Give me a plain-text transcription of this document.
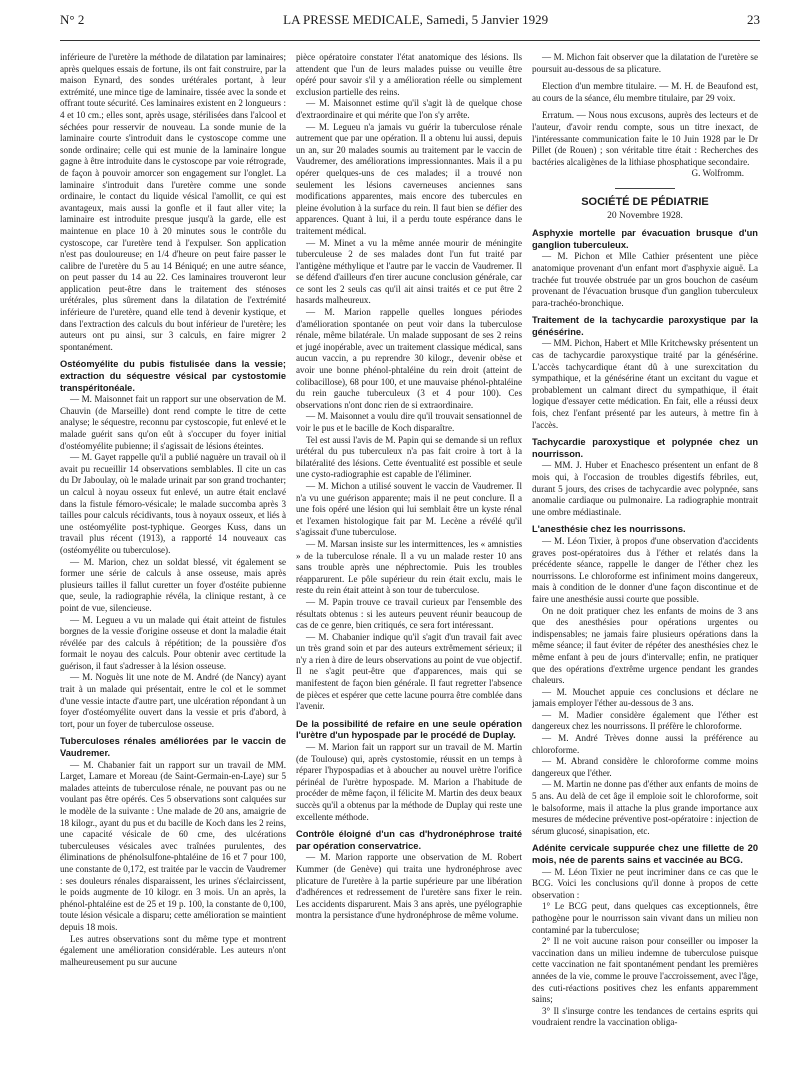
N° 2	LA PRESSE MEDICALE, Samedi, 5 Janvier 1929	23

inférieure de l'uretère la méthode de dilatation par laminaires; après quelques essais de fortune, ils ont fait construire, par la maison Eynard, des sondes urétérales portant, à leur extrémité, une mince tige de laminaire, tissée avec la sonde et offrant toute sécurité. Ces laminaires existent en 2 longueurs : 4 et 10 cm.; elles sont, après usage, stérilisées dans l'alcool et séchées pour resservir de nouveau. La sonde munie de la laminaire courte s'introduit dans le cystoscope comme une sonde ordinaire; celle qui est munie de la laminaire longue gagne à être introduite dans le cystoscope par voie rétrograde, de façon à pouvoir amorcer son engagement sur l'onglet. La laminaire s'introduit dans l'uretère comme une sonde ordinaire, le contact du liquide vésical l'amollit, ce qui est avantageux, mais aussi la gonfle et il faut aller vite; la laminaire est introduite presque jusqu'à la garde, elle est maintenue en place 10 à 20 minutes sous le contrôle du cystoscope, car l'uretère tend à l'expulser. Son application n'est pas douloureuse; en 1/4 d'heure on peut faire passer le calibre de l'uretère du 5 au 14 Béniqué; en une autre séance, on peut passer du 14 au 22. Ces laminaires trouveront leur application peut-être dans le traitement des sténoses urétérales, plus sûrement dans la dilatation de l'extrémité inférieure de l'uretère, quand elle tend à devenir kystique, et dans l'extraction des calculs du bout inférieur de l'uretère; les auteurs ont pu ainsi, sur 3 calculs, en faire migrer 2 spontanément.

Ostéomyélite du pubis fistulisée dans la vessie; extraction du séquestre vésical par cystostomie transpéritonéale.

— M. Maisonnet fait un rapport sur une observation de M. Chauvin (de Marseille) dont rend compte le titre de cette analyse; le séquestre, reconnu par cystoscopie, fut enlevé et le malade guérit sans qu'on eût à s'occuper du foyer initial d'ostéomyélite pubienne; il s'agissait de lésions éteintes.

— M. Gayet rappelle qu'il a publié naguère un travail où il avait pu recueillir 14 observations semblables. Il cite un cas du Dr Jaboulay, où le malade urinait par son grand trochanter; un calcul à noyau osseux fut enlevé, un autre était enclavé dans la fistule fémoro-vésicale; le malade succomba après 3 tailles pour calculs récidivants, tous à noyaux osseux, et liés à une ostéomyélite post-typhique. Georges Kuss, dans un travail plus récent (1913), a rapporté 14 nouveaux cas (ostéomyélite ou tuberculose).

— M. Marion, chez un soldat blessé, vit également se former une série de calculs à anse osseuse, mais après plusieurs tailles il fallut curetter un foyer d'ostéite pubienne que, seule, la radiographie révéla, la clinique restant, à ce point de vue, silencieuse.

— M. Legueu a vu un malade qui était atteint de fistules borgnes de la vessie d'origine osseuse et dont la maladie était révélée par des calculs à répétition; de la poussière d'os formait le noyau des calculs. Pour obtenir avec certitude la guérison, il faut s'adresser à la lésion osseuse.

— M. Noguès lit une note de M. André (de Nancy) ayant trait à un malade qui présentait, entre le col et le sommet d'une vessie intacte d'autre part, une ulcération répondant à un foyer d'ostéomyélite ouvert dans la vessie et pris d'abord, à tort, pour un foyer de tuberculose osseuse.

Tuberculoses rénales améliorées par le vaccin de Vaudremer.

— M. Chabanier fait un rapport sur un travail de MM. Larget, Lamare et Moreau (de Saint-Germain-en-Laye) sur 5 malades atteints de tuberculose rénale, ne pouvant pas ou ne voulant pas être opérés. Ces 5 observations sont calquées sur le modèle de la suivante : Une malade de 20 ans, amaigrie de 18 kilogr., ayant du pus et du bacille de Koch dans les 2 reins, une capacité vésicale de 60 cme, des ulcérations tuberculeuses vésicales avec traînées purulentes, des éliminations de phénolsulfone-phtaléine de 16 et 7 pour 100, une constante de 0,172, est traitée par le vaccin de Vaudremer : ses douleurs rénales disparaissent, les urines s'éclaircissent, le poids augmente de 10 kilogr. en 3 mois. Un an après, la phénol-phtaléine est de 25 et 19 p. 100, la constante de 0,100, toute lésion vésicale a disparu; cette amélioration se maintient depuis 18 mois.

Les autres observations sont du même type et montrent également une amélioration considérable. Les auteurs n'ont malheureusement pu sur aucune

pièce opératoire constater l'état anatomique des lésions. Ils attendent que l'un de leurs malades puisse ou veuille être opéré pour savoir s'il y a amélioration réelle ou simplement exclusion partielle des reins.

— M. Maisonnet estime qu'il s'agit là de quelque chose d'extraordinaire et qui mérite que l'on s'y arrête.

— M. Legueu n'a jamais vu guérir la tuberculose rénale autrement que par une opération. Il a obtenu lui aussi, depuis un an, sur 20 malades soumis au traitement par le vaccin de Vaudremer, des améliorations impressionnantes. Mais il a pu opérer quelques-uns de ces malades; il a trouvé non seulement les lésions caverneuses anciennes sans modifications apparentes, mais encore des tubercules en pleine évolution à la surface du rein. Il faut bien se défier des apparences. Quant à lui, il a perdu toute espérance dans le traitement médical.

— M. Minet a vu la même année mourir de méningite tuberculeuse 2 de ses malades dont l'un fut traité par l'antigène méthylique et l'autre par le vaccin de Vaudremer. Il se défend d'ailleurs d'en tirer aucune conclusion générale, car ce sont les 2 seuls cas qu'il ait ainsi traités et ce put être 2 hasards malheureux.

— M. Marion rappelle quelles longues périodes d'amélioration spontanée on peut voir dans la tuberculose rénale, même bilatérale. Un malade supposant de ses 2 reins et jugé inopérable, avec un traitement classique médical, sans aucun vaccin, a pu reprendre 30 kilogr., devenir obèse et avoir une bonne phénol-phtaléine du rein droit (atteint de colibacillose), 68 pour 100, et une mauvaise phénol-phtaléine du rein gauche tuberculeux (3 et 4 pour 100). Ces observations n'ont donc rien de si extraordinaire.

— M. Maisonnet a voulu dire qu'il trouvait sensationnel de voir le pus et le bacille de Koch disparaître.

Tel est aussi l'avis de M. Papin qui se demande si un reflux urétéral du pus tuberculeux n'a pas fait croire à tort à la bilatéralité des lésions. Cette éventualité est possible et seule une cysto-radiographie est capable de l'éliminer.

— M. Michon a utilisé souvent le vaccin de Vaudremer. Il n'a vu une guérison apparente; mais il ne peut conclure. Il a une fois opéré une lésion qui lui semblait être un kyste rénal et l'examen histologique fait par M. Lecène a révélé qu'il s'agissait d'une tuberculose.

— M. Marsan insiste sur les intermittences, les « amnisties » de la tuberculose rénale. Il a vu un malade rester 10 ans sans trouble après une néphrectomie. Puis les troubles réapparurent. Le pôle supérieur du rein était exclu, mais le reste du rein était atteint à son tour de tuberculose.

— M. Papin trouve ce travail curieux par l'ensemble des résultats obtenus : si les auteurs peuvent réunir beaucoup de cas de ce genre, bien critiqués, ce sera fort intéressant.

— M. Chabanier indique qu'il s'agit d'un travail fait avec un très grand soin et par des auteurs extrêmement sérieux; il n'y a rien à dire de leurs observations au point de vue objectif. Il ne s'agit peut-être que d'apparences, mais qui se manifestent de façon bien générale. Il faut regretter l'absence de pièces et espérer que cette lacune pourra être comblée dans l'avenir.

De la possibilité de refaire en une seule opération l'urètre d'un hypospade par le procédé de Duplay.

— M. Marion fait un rapport sur un travail de M. Martin (de Toulouse) qui, après cystostomie, réussit en un temps à réparer l'hypospadias et à aboucher au nouvel urètre l'orifice périnéal de l'urètre hypospade. M. Marion a l'habitude de procéder de même façon, il félicite M. Martin des deux beaux succès qu'il a obtenus par la méthode de Duplay qui reste une excellente méthode.

Contrôle éloigné d'un cas d'hydronéphrose traité par opération conservatrice.

— M. Marion rapporte une observation de M. Robert Kummer (de Genève) qui traita une hydronéphrose avec plicature de l'uretère à la partie supérieure par une libération d'adhérences et redressement de l'uretère sans fixer le rein. Les accidents disparurent. Mais 3 ans après, une pyélographie montra la persistance d'une hydronéphrose de même volume.

— M. Michon fait observer que la dilatation de l'uretère se poursuit au-dessous de sa plicature.

Election d'un membre titulaire. — M. H. de Beaufond est, au cours de la séance, élu membre titulaire, par 29 voix.

Erratum. — Nous nous excusons, auprès des lecteurs et de l'auteur, d'avoir rendu compte, sous un titre inexact, de l'intéressante communication faite le 10 Juin 1928 par le Dr Pillet (de Rouen) ; son véritable titre était : Recherches des bactéries alcaligènes de la lithiase phosphatique secondaire.

G. Wolfromm.
SOCIÉTÉ DE PÉDIATRIE
20 Novembre 1928.
Asphyxie mortelle par évacuation brusque d'un ganglion tuberculeux.

— M. Pichon et Mlle Cathier présentent une pièce anatomique provenant d'un enfant mort d'asphyxie aiguë. La trachée fut trouvée obstruée par un gros bouchon de caséum provenant de l'évacuation brusque d'un ganglion tuberculeux para-trachéo-bronchique.

Traitement de la tachycardie paroxystique par la génésérine.

— MM. Pichon, Habert et Mlle Kritchewsky présentent un cas de tachycardie paroxystique traité par la génésérine. L'accès tachycardique étant dû à une surexcitation du sympathique, et la génésérine étant un excitant du vague et probablement un calmant direct du sympathique, il était logique d'essayer cette médication. En fait, elle a réussi deux fois, chez l'enfant présenté par les auteurs, à mettre fin à l'accès.

Tachycardie paroxystique et polypnée chez un nourrisson.

— MM. J. Huber et Enachesco présentent un enfant de 8 mois qui, à l'occasion de troubles digestifs fébriles, eut, durant 5 jours, des crises de tachycardie avec polypnée, sans anomalie cardiaque ou pulmonaire. La radiographie montrait une ombre médiastinale.

L'anesthésie chez les nourrissons.

— M. Léon Tixier, à propos d'une observation d'accidents graves post-opératoires dus à l'éther et relatés dans la précédente séance, rappelle le danger de l'éther chez les nourrissons. Le chloroforme est infiniment moins dangereux, mais à condition de le donner d'une façon discontinue et de faire une anesthésie aussi courte que possible.

On ne doit pratiquer chez les enfants de moins de 3 ans que des anesthésies pour opérations urgentes ou indispensables; ne jamais faire plusieurs opérations dans la même séance; il faut éviter de répéter des anesthésies chez le même enfant à peu de jours d'intervalle; enfin, ne pratiquer que des opérations d'extrême urgence pendant les grandes chaleurs.

— M. Mouchet appuie ces conclusions et déclare ne jamais employer l'éther au-dessous de 3 ans.

— M. Madier considère également que l'éther est dangereux chez les nourrissons. Il préfère le chloroforme.

— M. André Trèves donne aussi la préférence au chloroforme.

— M. Abrand considère le chloroforme comme moins dangereux que l'éther.

— M. Martin ne donne pas d'éther aux enfants de moins de 5 ans. Au delà de cet âge il emploie soit le chloroforme, soit le balsoforme, mais il attache la plus grande importance aux mesures de médecine préventive post-opératoire : injection de sérum glucosé, sinapisation, etc.

Adénite cervicale suppurée chez une fillette de 20 mois, née de parents sains et vaccinée au BCG.

— M. Léon Tixier ne peut incriminer dans ce cas que le BCG. Voici les conclusions qu'il donne à propos de cette observation :

1° Le BCG peut, dans quelques cas exceptionnels, être pathogène pour le nourrisson sain vivant dans un milieu non contaminé par la tuberculose;

2° Il ne voit aucune raison pour conseiller ou imposer la vaccination dans un milieu indemne de tuberculose puisque cette vaccination ne fait spontanément pendant les premières années de la vie, comme le prouve l'accroissement, avec l'âge, des cuti-réactions positives chez les enfants apparemment sains;

3° Il s'insurge contre les tendances de certains esprits qui voudraient rendre la vaccination obliga-
